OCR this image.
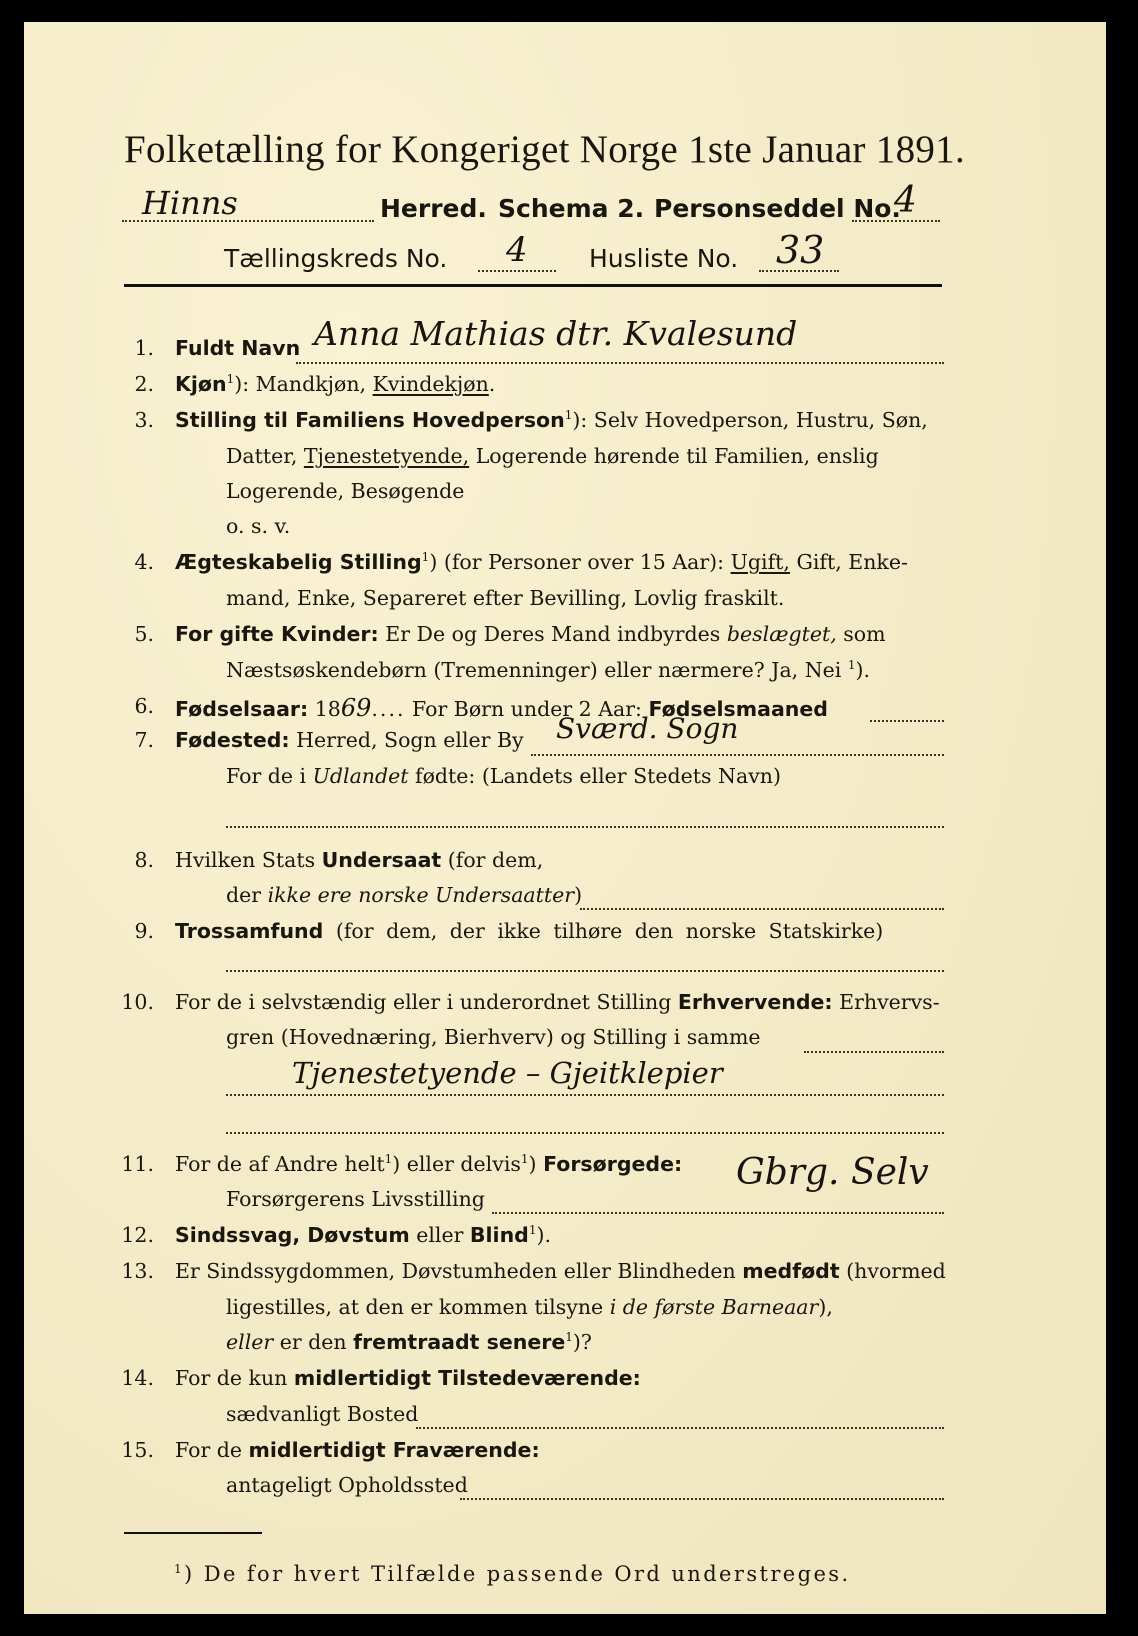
Folketælling for Kongeriget Norge 1ste Januar 1891.
Hinns	Herred. Schema 2. Personseddel No.
4
Tællingskreds No. 4 Husliste No. 33
1. Fuldt Navn Anna Mathias dtr. Kvalesund
2. Kjøn$^1$): Mandkjøn, Kvindekjøn.
3. Stilling til Familiens Hovedperson$^1$): Selv Hovedperson, Hustru, Søn,
Datter, Tjenestetyende, Logerende hørende til Familien, enslig
Logerende, Besøgende
o. s. v.
4. Ægteskabelig Stilling$^1$) (for Personer over 15 Aar): Ugift, Gift, Enke-
mand, Enke, Separeret efter Bevilling, Lovlig fraskilt.
5. For gifte Kvinder: Er De og Deres Mand indbyrdes beslægtet, som
Næstsøskendebørn (Tremenninger) eller nærmere? Ja, Nei $^1$).
6. Fødselsaar: 1869.... For Børn under 2 Aar: Fødselsmaaned
7. Fødested: Herred, Sogn eller By Sværd. Sogn
For de i Udlandet fødte: (Landets eller Stedets Navn)
8. Hvilken Stats Undersaat (for dem,
der ikke ere norske Undersaatter)
9. Trossamfund (for dem, der ikke tilhøre den norske Statskirke)
10. For de i selvstændig eller i underordnet Stilling Erhvervende: Erhvervs-
gren (Hovednæring, Bierhverv) og Stilling i samme
Tjenestetyende – Gjeitklepier
11. For de af Andre helt$^1$) eller delvis$^1$) Forsørgede:
Forsørgerens Livsstilling
Gbrg. Selv
12. Sindssvag, Døvstum eller Blind$^1$).
13. Er Sindssygdommen, Døvstumheden eller Blindheden medfødt (hvormed
ligestilles, at den er kommen tilsyne i de første Barneaar),
eller er den fremtraadt senere$^1$)?
14. For de kun midlertidigt Tilstedeværende:
sædvanligt Bosted
15. For de midlertidigt Fraværende:
antageligt Opholdssted
$^1$) De for hvert Tilfælde passende Ord understreges.
